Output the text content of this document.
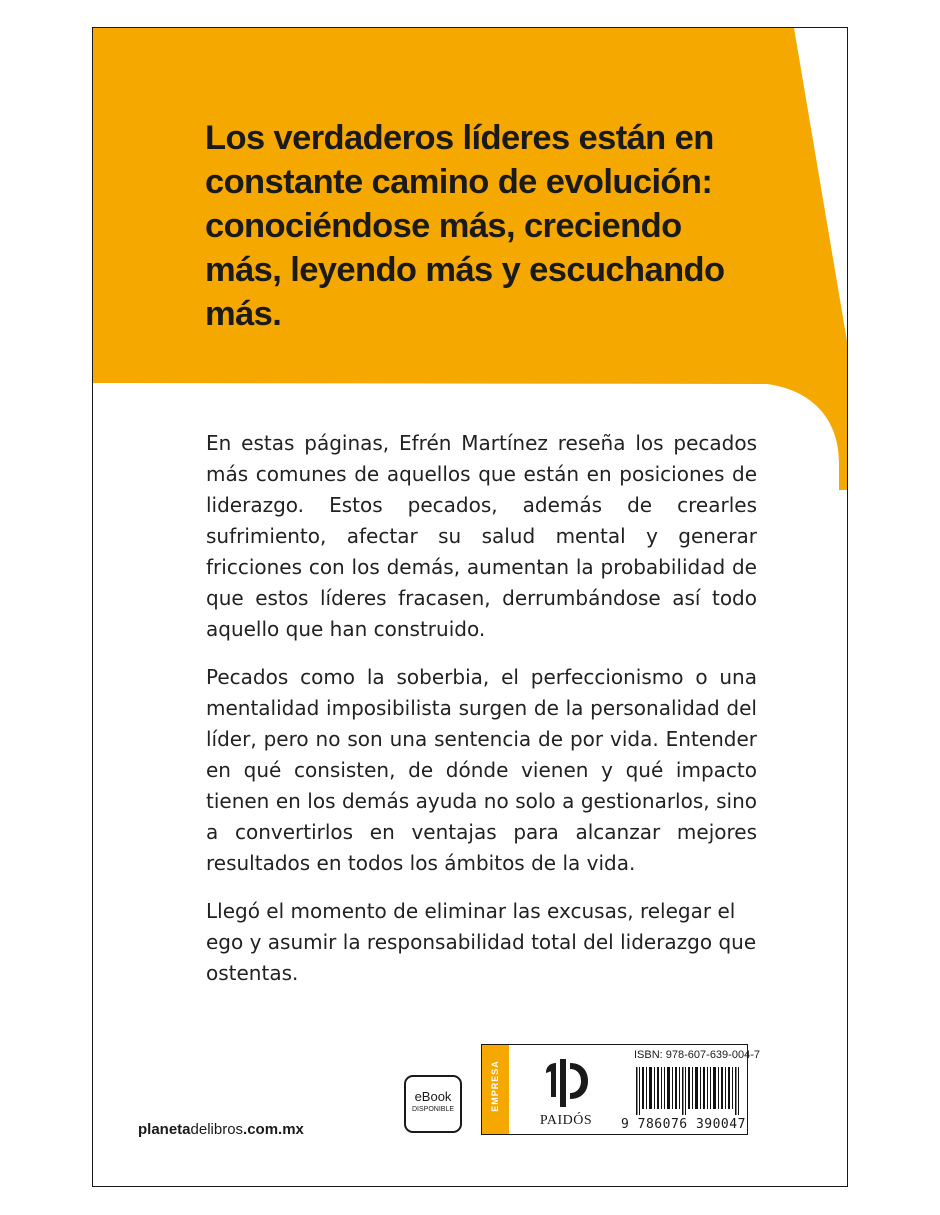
Los verdaderos líderes están en constante camino de evolución: conociéndose más, creciendo más, leyendo más y escuchando más.

En estas páginas, Efrén Martínez reseña los pecados más comunes de aquellos que están en posiciones de liderazgo. Estos pecados, además de crearles sufrimiento, afectar su salud mental y generar fricciones con los demás, aumentan la probabilidad de que estos líderes fracasen, derrumbándose así todo aquello que han construido.

Pecados como la soberbia, el perfeccionismo o una mentalidad imposibilista surgen de la personalidad del líder, pero no son una sentencia de por vida. Entender en qué consisten, de dónde vienen y qué impacto tienen en los demás ayuda no solo a gestionarlos, sino a convertirlos en ventajas para alcanzar mejores resultados en todos los ámbitos de la vida.

Llegó el momento de eliminar las excusas, relegar el ego y asumir la responsabilidad total del liderazgo que ostentas.

planetadelibros.com.mx
eBook
DISPONIBLE	EMPRESA
PAIDÓS
ISBN: 978-607-639-004-7
9 786076 390047
